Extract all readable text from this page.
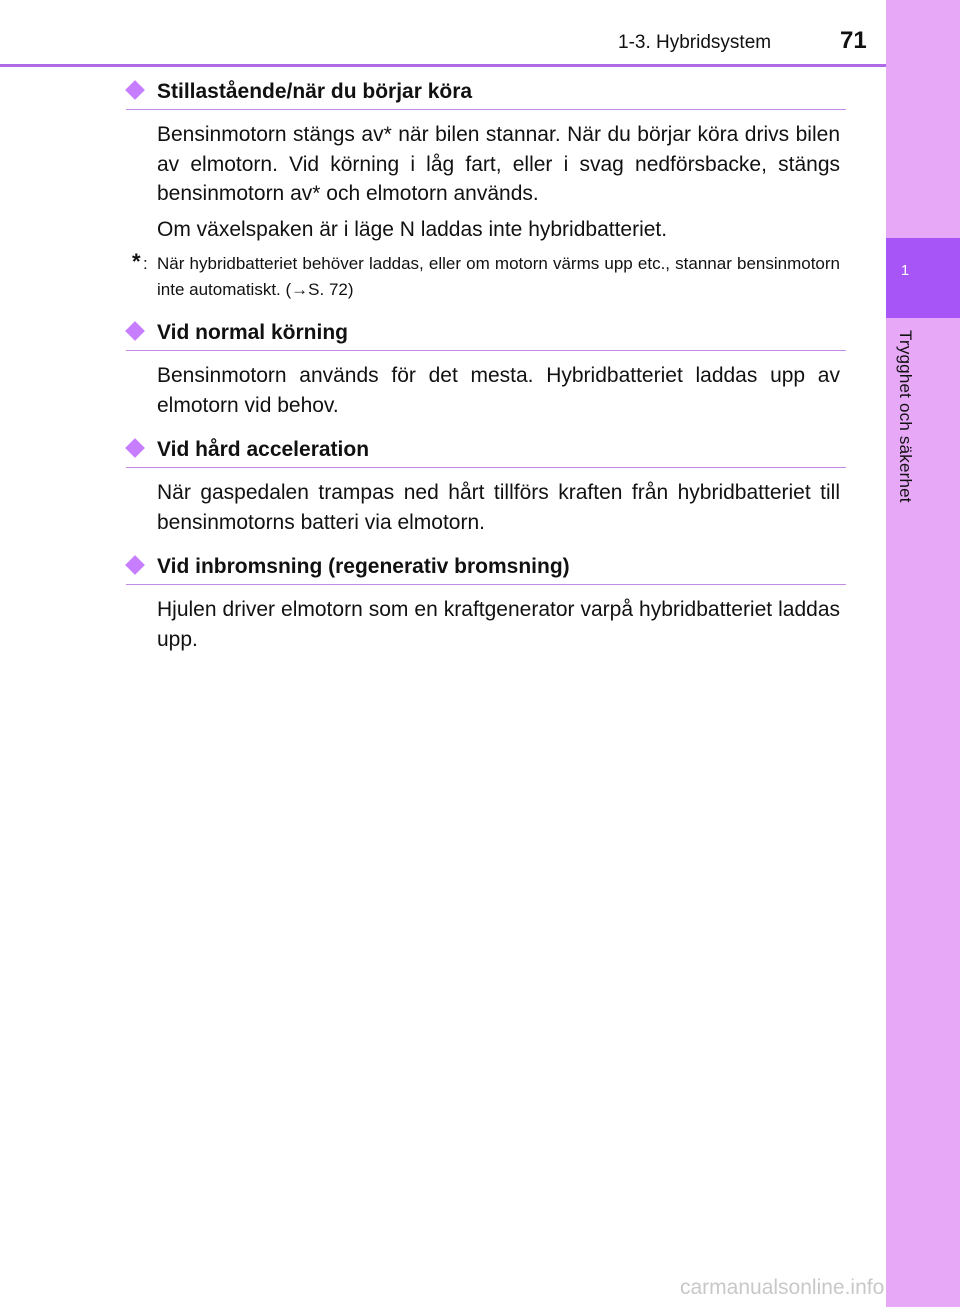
1
Trygghet och säkerhet
1-3. Hybridsystem	71
Stillastående/när du börjar köra

Bensinmotorn stängs av* när bilen stannar. När du börjar köra drivs bilen av elmotorn. Vid körning i låg fart, eller i svag nedförsbacke, stängs bensinmotorn av* och elmotorn används.

Om växelspaken är i läge N laddas inte hybridbatteriet.

* : När hybridbatteriet behöver laddas, eller om motorn värms upp etc., stannar bensinmotorn inte automatiskt. (→S. 72)
Vid normal körning

Bensinmotorn används för det mesta. Hybridbatteriet laddas upp av elmotorn vid behov.

Vid hård acceleration

När gaspedalen trampas ned hårt tillförs kraften från hybridbatteriet till bensinmotorns batteri via elmotorn.

Vid inbromsning (regenerativ bromsning)

Hjulen driver elmotorn som en kraftgenerator varpå hybridbatteriet laddas upp.

carmanualsonline.info
